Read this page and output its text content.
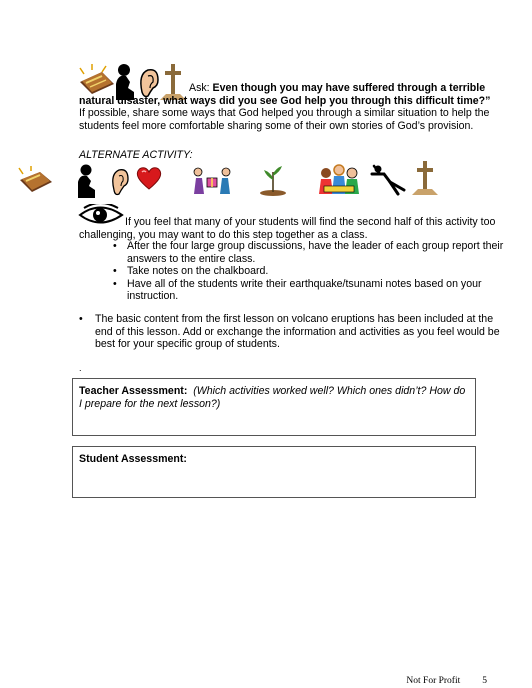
Ask: Even though you may have suffered through a terrible natural disaster, what ways did you see God help you through this difficult time?”
If possible, share some ways that God helped you through a similar situation to help the students feel more comfortable sharing some of their own stories of God’s provision.
ALTERNATE ACTIVITY:
If you feel that many of your students will find the second half of this activity too challenging, you may want to do this step together as a class.
• After the four large group discussions, have the leader of each group report their answers to the entire class.
• Take notes on the chalkboard.
• Have all of the students write their earthquake/tsunami notes based on your instruction.
• The basic content from the first lesson on volcano eruptions has been included at the end of this lesson. Add or exchange the information and activities as you feel would be best for your specific group of students.
.
Teacher Assessment: (Which activities worked well? Which ones didn’t? How do I prepare for the next lesson?)
Student Assessment:
Not For Profit 5
